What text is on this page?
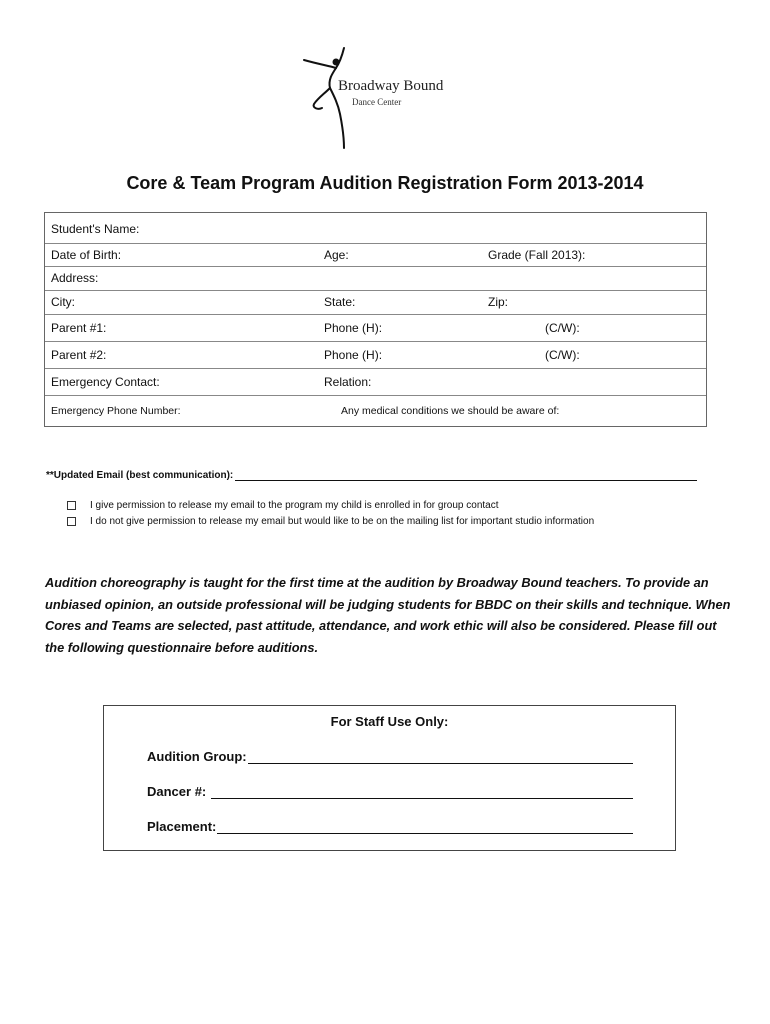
Broadway Bound
Dance Center
Core & Team Program Audition Registration Form 2013-2014
Student's Name:
Date of Birth:	Age:	Grade (Fall 2013):
Address:
City:	State:	Zip:
Parent #1:	Phone (H):	(C/W):
Parent #2:	Phone (H):	(C/W):
Emergency Contact:	Relation:
Emergency Phone Number:	Any medical conditions we should be aware of:
**Updated Email (best communication):
I give permission to release my email to the program my child is enrolled in for group contact
I do not give permission to release my email but would like to be on the mailing list for important studio information
Audition choreography is taught for the first time at the audition by Broadway Bound teachers. To provide an unbiased opinion, an outside professional will be judging students for BBDC on their skills and technique. When Cores and Teams are selected, past attitude, attendance, and work ethic will also be considered. Please fill out the following questionnaire before auditions.
For Staff Use Only:
Audition Group:
Dancer #:
Placement:
